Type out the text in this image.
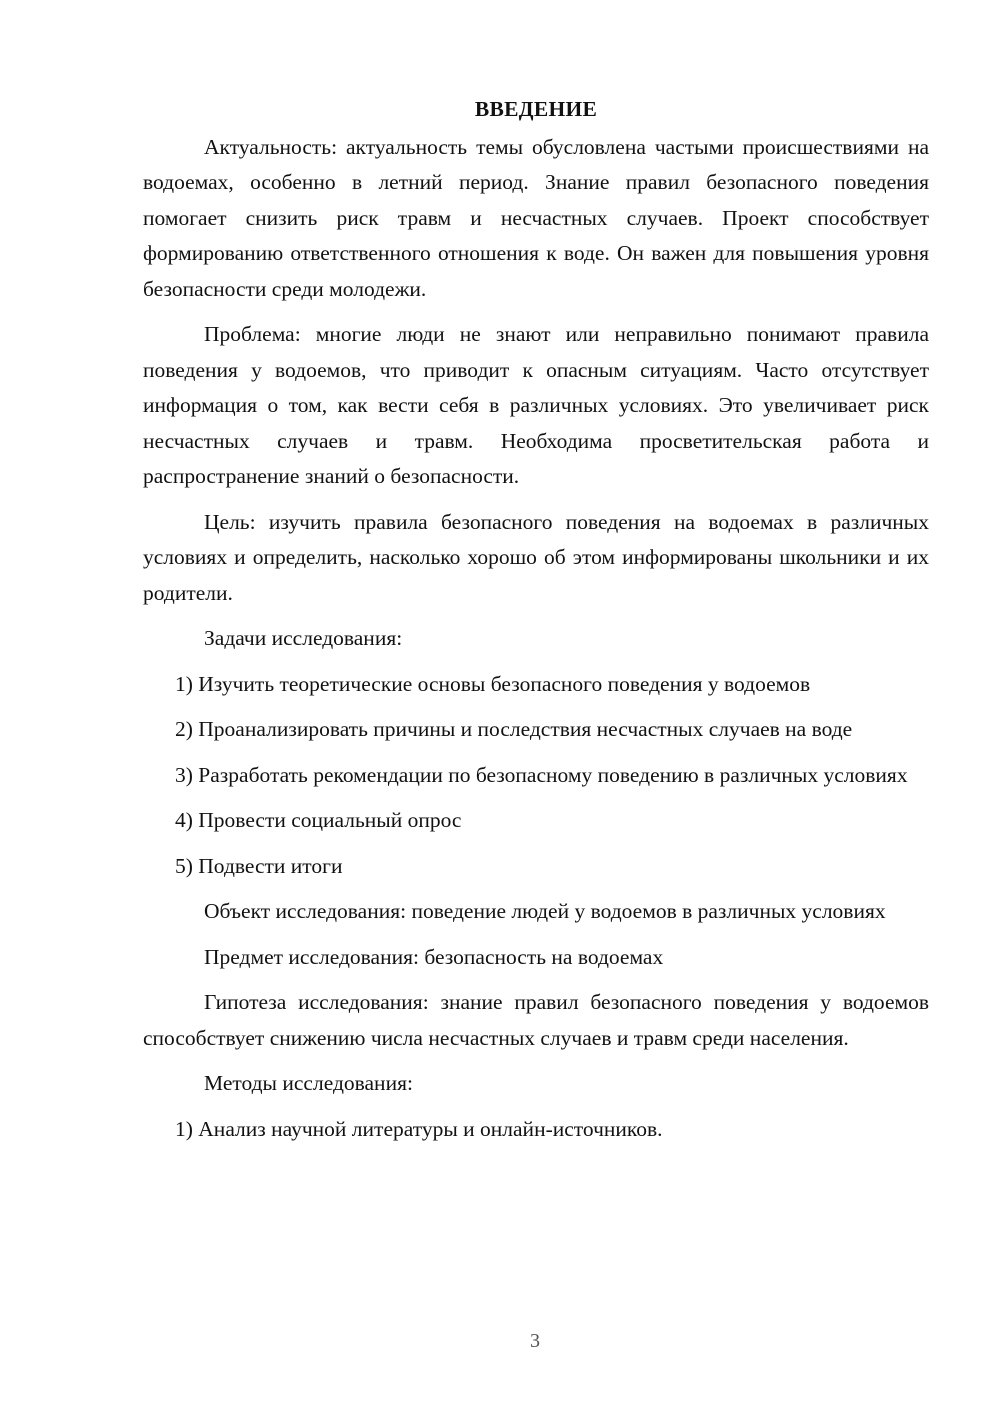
ВВЕДЕНИЕ

Актуальность: актуальность темы обусловлена частыми происшествиями на водоемах, особенно в летний период. Знание правил безопасного поведения помогает снизить риск травм и несчастных случаев. Проект способствует формированию ответственного отношения к воде. Он важен для повышения уровня безопасности среди молодежи.

Проблема: многие люди не знают или неправильно понимают правила поведения у водоемов, что приводит к опасным ситуациям. Часто отсутствует информация о том, как вести себя в различных условиях. Это увеличивает риск несчастных случаев и травм. Необходима просветительская работа и распространение знаний о безопасности.

Цель: изучить правила безопасного поведения на водоемах в различных условиях и определить, насколько хорошо об этом информированы школьники и их родители.

Задачи исследования:

1) Изучить теоретические основы безопасного поведения у водоемов

2) Проанализировать причины и последствия несчастных случаев на воде

3) Разработать рекомендации по безопасному поведению в различных условиях

4) Провести социальный опрос

5) Подвести итоги

Объект исследования: поведение людей у водоемов в различных условиях

Предмет исследования: безопасность на водоемах

Гипотеза исследования: знание правил безопасного поведения у водоемов способствует снижению числа несчастных случаев и травм среди населения.

Методы исследования:

1) Анализ научной литературы и онлайн-источников.

3
